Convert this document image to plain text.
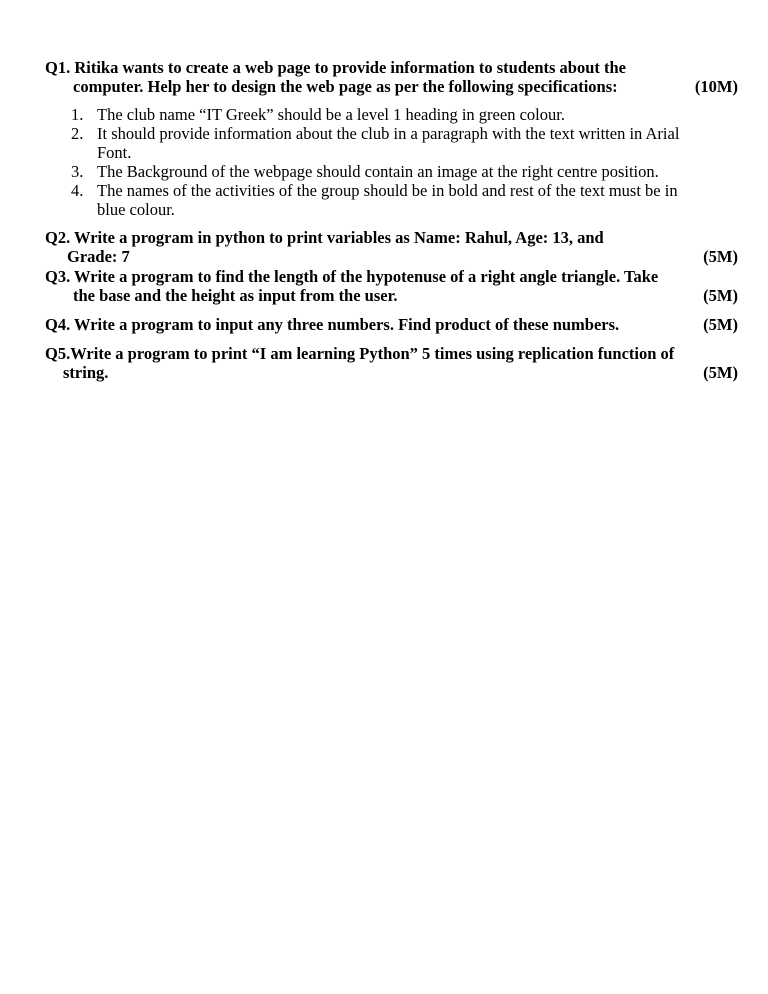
Q1. Ritika wants to create a web page to provide information to students about the
computer. Help her to design the web page as per the following specifications:	(10M)
1. The club name “IT Greek” should be a level 1 heading in green colour.
2. It should provide information about the club in a paragraph with the text written in Arial
Font.
3. The Background of the webpage should contain an image at the right centre position.
4. The names of the activities of the group should be in bold and rest of the text must be in
blue colour.
Q2. Write a program in python to print variables as Name: Rahul, Age: 13, and
Grade: 7	(5M)
Q3. Write a program to find the length of the hypotenuse of a right angle triangle. Take
the base and the height as input from the user.	(5M)
Q4. Write a program to input any three numbers. Find product of these numbers.	(5M)
Q5.Write a program to print “I am learning Python” 5 times using replication function of
string.	(5M)
